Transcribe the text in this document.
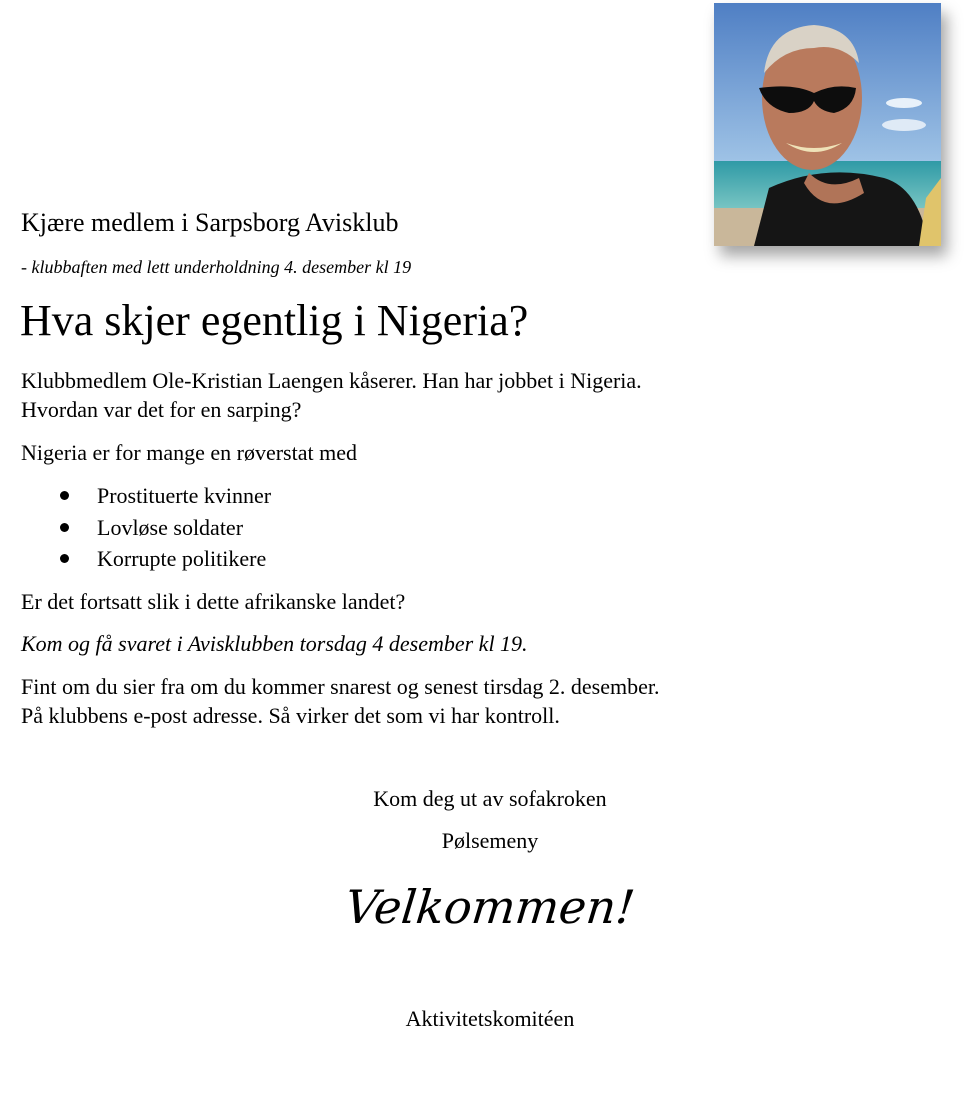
Kjære medlem i Sarpsborg Avisklub

- klubbaften med lett underholdning 4. desember kl 19

Hva skjer egentlig i Nigeria?

Klubbmedlem Ole-Kristian Laengen kåserer. Han har jobbet i Nigeria.
Hvordan var det for en sarping?

Nigeria er for mange en røverstat med

Prostituerte kvinner
Lovløse soldater
Korrupte politikere

Er det fortsatt slik i dette afrikanske landet?

Kom og få svaret i Avisklubben torsdag 4 desember kl 19.

Fint om du sier fra om du kommer snarest og senest tirsdag 2. desember.
På klubbens e-post adresse. Så virker det som vi har kontroll.

Kom deg ut av sofakroken

Pølsemeny

Velkommen!

Aktivitetskomitéen
